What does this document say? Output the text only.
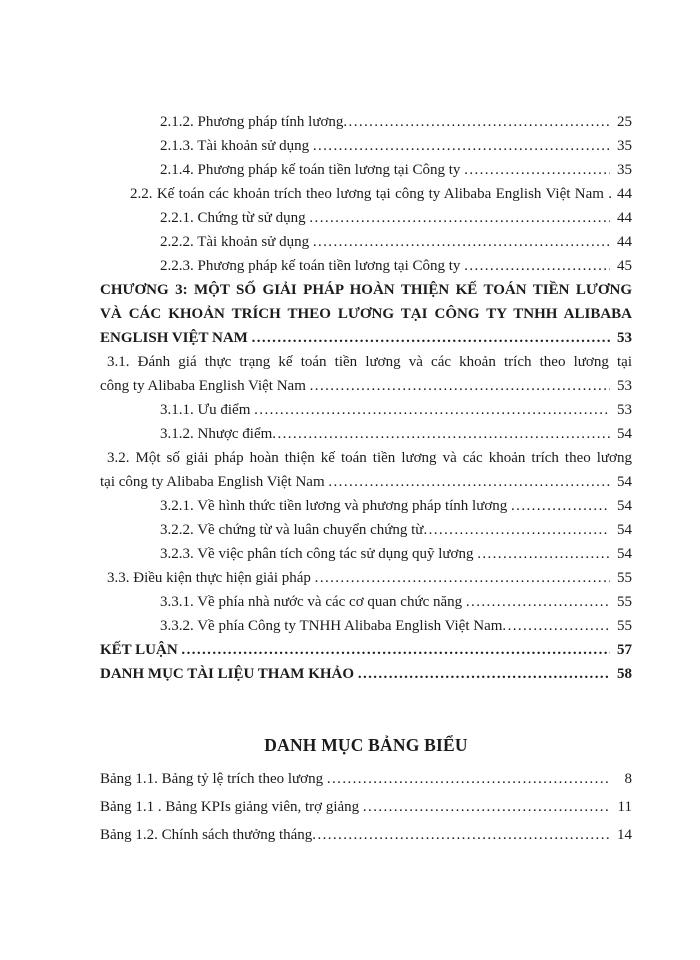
2.1.2. Phương pháp tính lương .....	25
2.1.3. Tài khoản sử dụng .....	35
2.1.4. Phương pháp kế toán tiền lương tại Công ty .....	35
2.2. Kế toán các khoản trích theo lương tại công ty Alibaba English Việt Nam . 44
2.2.1. Chứng từ sử dụng .....	44
2.2.2. Tài khoản sử dụng .....	44
2.2.3. Phương pháp kế toán tiền lương tại Công ty .....	45
CHƯƠNG 3: MỘT SỐ GIẢI PHÁP HOÀN THIỆN KẾ TOÁN TIỀN LƯƠNG
VÀ CÁC KHOẢN TRÍCH THEO LƯƠNG TẠI CÔNG TY TNHH ALIBABA
ENGLISH VIỆT NAM .....	53
3.1. Đánh giá thực trạng kế toán tiền lương và các khoản trích theo lương tại
công ty Alibaba English Việt Nam .....	53
3.1.1. Ưu điểm .....	53
3.1.2. Nhược điểm .....	54
3.2. Một số giải pháp hoàn thiện kế toán tiền lương và các khoản trích theo lương
tại công ty Alibaba English Việt Nam .....	54
3.2.1. Về hình thức tiền lương và phương pháp tính lương .....	54
3.2.2. Về chứng từ và luân chuyển chứng từ .....	54
3.2.3. Về việc phân tích công tác sử dụng quỹ lương .....	54
3.3. Điều kiện thực hiện giải pháp .....	55
3.3.1. Về phía nhà nước và các cơ quan chức năng .....	55
3.3.2. Về phía Công ty TNHH Alibaba English Việt Nam .....	55
KẾT LUẬN .....	57
DANH MỤC TÀI LIỆU THAM KHẢO .....	58
DANH MỤC BẢNG BIỂU
Bảng 1.1. Bảng tỷ lệ trích theo lương .....	8
Bảng 1.1 . Bảng KPIs giảng viên, trợ giảng .....	11
Bảng 1.2. Chính sách thưởng tháng .....	14
